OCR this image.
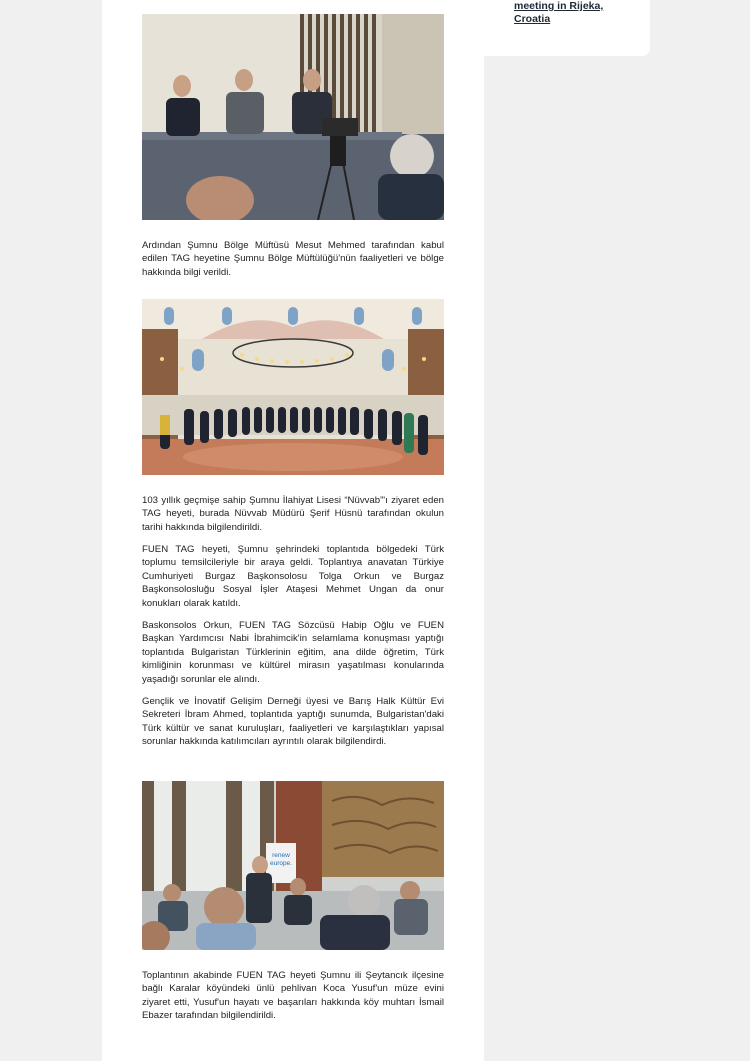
meeting in Rijeka,
Croatia

Ardından Şumnu Bölge Müftüsü Mesut Mehmed tarafından kabul edilen TAG heyetine Şumnu Bölge Müftülüğü'nün faaliyetleri ve bölge hakkında bilgi verildi.

103 yıllık geçmişe sahip Şumnu İlahiyat Lisesi “Nüvvab”'ı ziyaret eden TAG heyeti, burada Nüvvab Müdürü Şerif Hüsnü tarafından okulun tarihi hakkında bilgilendirildi.

FUEN TAG heyeti, Şumnu şehrindeki toplantıda bölgedeki Türk toplumu temsilcileriyle bir araya geldi. Toplantıya anavatan Türkiye Cumhuriyeti Burgaz Başkonsolosu Tolga Orkun ve Burgaz Başkonsolosluğu Sosyal İşler Ataşesi Mehmet Ungan da onur konukları olarak katıldı.

Baskonsolos Orkun, FUEN TAG Sözcüsü Habip Oğlu ve FUEN Başkan Yardımcısı Nabi İbrahimcik'in selamlama konuşması yaptığı toplantıda Bulgaristan Türklerinin eğitim, ana dilde öğretim, Türk kimliğinin korunması ve kültürel mirasın yaşatılması konularında yaşadığı sorunlar ele alındı.

Gençlik ve İnovatif Gelişim Derneği üyesi ve Barış Halk Kültür Evi Sekreteri İbram Ahmed, toplantıda yaptığı sunumda, Bulgaristan'daki Türk kültür ve sanat kuruluşları, faaliyetleri ve karşılaştıkları yapısal sorunlar hakkında katılımcıları ayrıntılı olarak bilgilendirdi.

renew
europe.

Toplantının akabinde FUEN TAG heyeti Şumnu ili Şeytancık ilçesine bağlı Karalar köyündeki ünlü pehlivan Koca Yusuf'un müze evini ziyaret etti, Yusuf'un hayatı ve başarıları hakkında köy muhtarı İsmail Ebazer tarafından bilgilendirildi.
